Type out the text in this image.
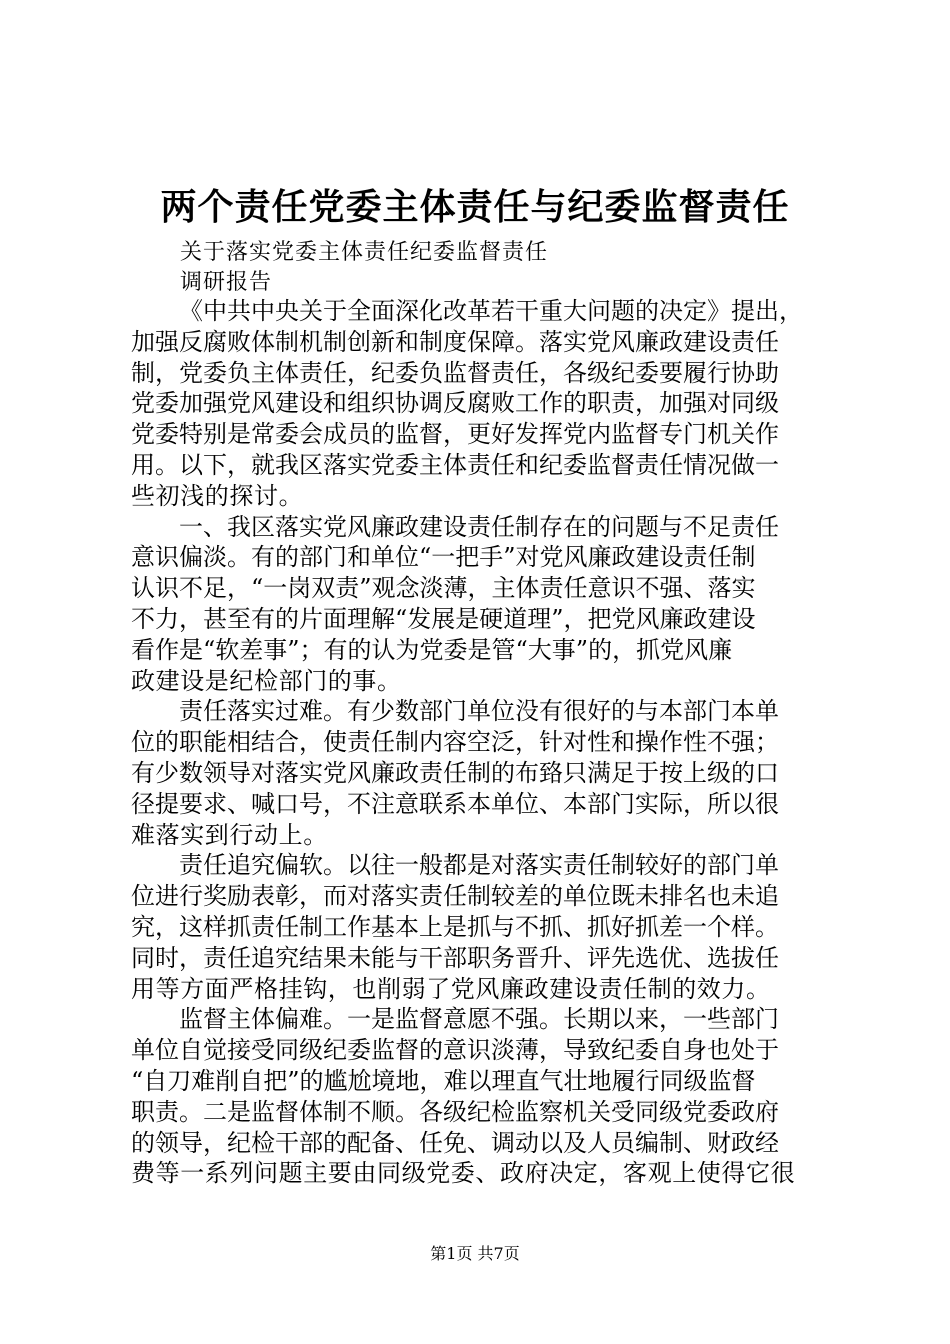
两个责任党委主体责任与纪委监督责任

关于落实党委主体责任纪委监督责任

调研报告

《中共中央关于全面深化改革若干重大问题的决定》提出，
加强反腐败体制机制创新和制度保障。落实党风廉政建设责任
制，党委负主体责任，纪委负监督责任，各级纪委要履行协助
党委加强党风建设和组织协调反腐败工作的职责，加强对同级
党委特别是常委会成员的监督，更好发挥党内监督专门机关作
用。以下，就我区落实党委主体责任和纪委监督责任情况做一
些初浅的探讨。

一、我区落实党风廉政建设责任制存在的问题与不足责任
意识偏淡。有的部门和单位“一把手”对党风廉政建设责任制
认识不足，“一岗双责”观念淡薄，主体责任意识不强、落实
不力，甚至有的片面理解“发展是硬道理”，把党风廉政建设
看作是“软差事”；有的认为党委是管“大事”的，抓党风廉
政建设是纪检部门的事。

责任落实过难。有少数部门单位没有很好的与本部门本单
位的职能相结合，使责任制内容空泛，针对性和操作性不强；
有少数领导对落实党风廉政责任制的布臵只满足于按上级的口
径提要求、喊口号，不注意联系本单位、本部门实际，所以很
难落实到行动上。

责任追究偏软。以往一般都是对落实责任制较好的部门单
位进行奖励表彰，而对落实责任制较差的单位既未排名也未追
究，这样抓责任制工作基本上是抓与不抓、抓好抓差一个样。
同时，责任追究结果未能与干部职务晋升、评先选优、选拔任
用等方面严格挂钩，也削弱了党风廉政建设责任制的效力。

监督主体偏难。一是监督意愿不强。长期以来，一些部门
单位自觉接受同级纪委监督的意识淡薄，导致纪委自身也处于
“自刀难削自把”的尴尬境地，难以理直气壮地履行同级监督
职责。二是监督体制不顺。各级纪检监察机关受同级党委政府
的领导，纪检干部的配备、任免、调动以及人员编制、财政经
费等一系列问题主要由同级党委、政府决定，客观上使得它很

第1页 共7页
